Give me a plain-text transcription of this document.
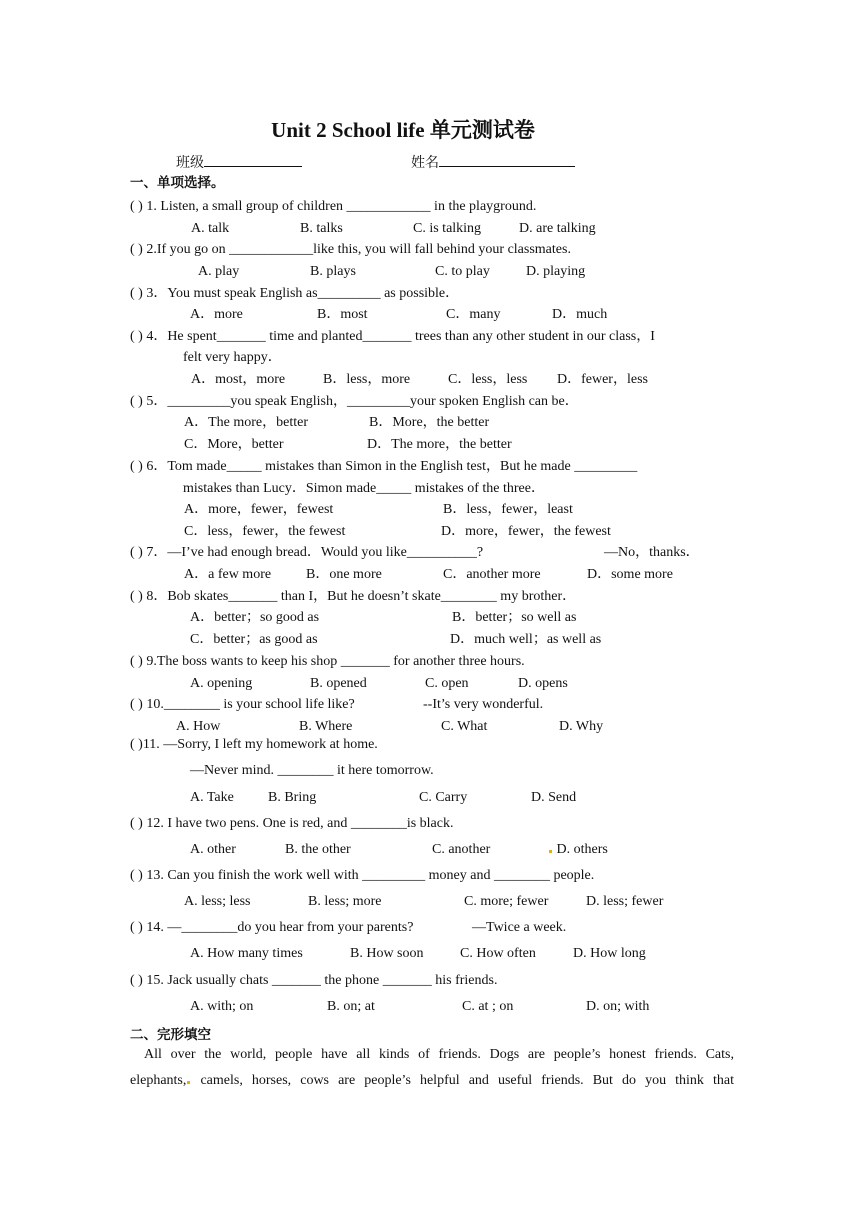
Unit 2 School life 单元测试卷
班级	姓名
一、单项选择。
( ) 1. Listen, a small group of children ____________ in the playground.
A. talk	B. talks	C. is talking	D. are talking
( ) 2.If you go on ____________like this, you will fall behind your classmates.
A. play	B. plays	C. to play	D. playing
( ) 3．You must speak English as_________ as possible．
A．more	B．most	C．many	D．much
( ) 4．He spent_______ time and planted_______ trees than any other student in our class，I
felt very happy．
A．most，more	B．less，more	C．less，less D．fewer，less
( ) 5．_________you speak English，_________your spoken English can be．
A．The more，better	B．More，the better
C．More，better	D．The more，the better
( ) 6．Tom made_____ mistakes than Simon in the English test，But he made _________
mistakes than Lucy．Simon made_____ mistakes of the three．
A．more，fewer，fewest	B．less，fewer，least
C．less，fewer，the fewest	D．more，fewer，the fewest
( ) 7．—I’ve had enough bread．Would you like__________?	—No，thanks．
A．a few more B．one more	C．another more	D．some more
( ) 8．Bob skates_______ than I，But he doesn’t skate________ my brother．
A．better；so good as	B．better；so well as
C．better；as good as	D．much well；as well as
( ) 9.The boss wants to keep his shop _______ for another three hours.
A. opening	B. opened	C. open	D. opens
( ) 10.________ is your school life like?	--It’s very wonderful.
A. How	B. Where	C. What	D. Why
( )11. —Sorry, I left my homework at home.
—Never mind. ________ it here tomorrow.
A. Take B. Bring	C. Carry	D. Send
( ) 12. I have two pens. One is red, and ________is black.
A. other	B. the other	C. another	D. others
( ) 13. Can you finish the work well with _________ money and ________ people.
A. less; less	B. less; more	C. more; fewer	D. less; fewer
( ) 14. —________do you hear from your parents?	—Twice a week.
A. How many times	B. How soon	C. How often	D. How long
( ) 15. Jack usually chats _______ the phone _______ his friends.
A. with; on	B. on; at	C. at ; on	D. on; with
二、完形填空
All over the world, people have all kinds of friends. Dogs are people’s honest friends. Cats,
elephants, camels, horses, cows are people’s helpful and useful friends. But do you think that
